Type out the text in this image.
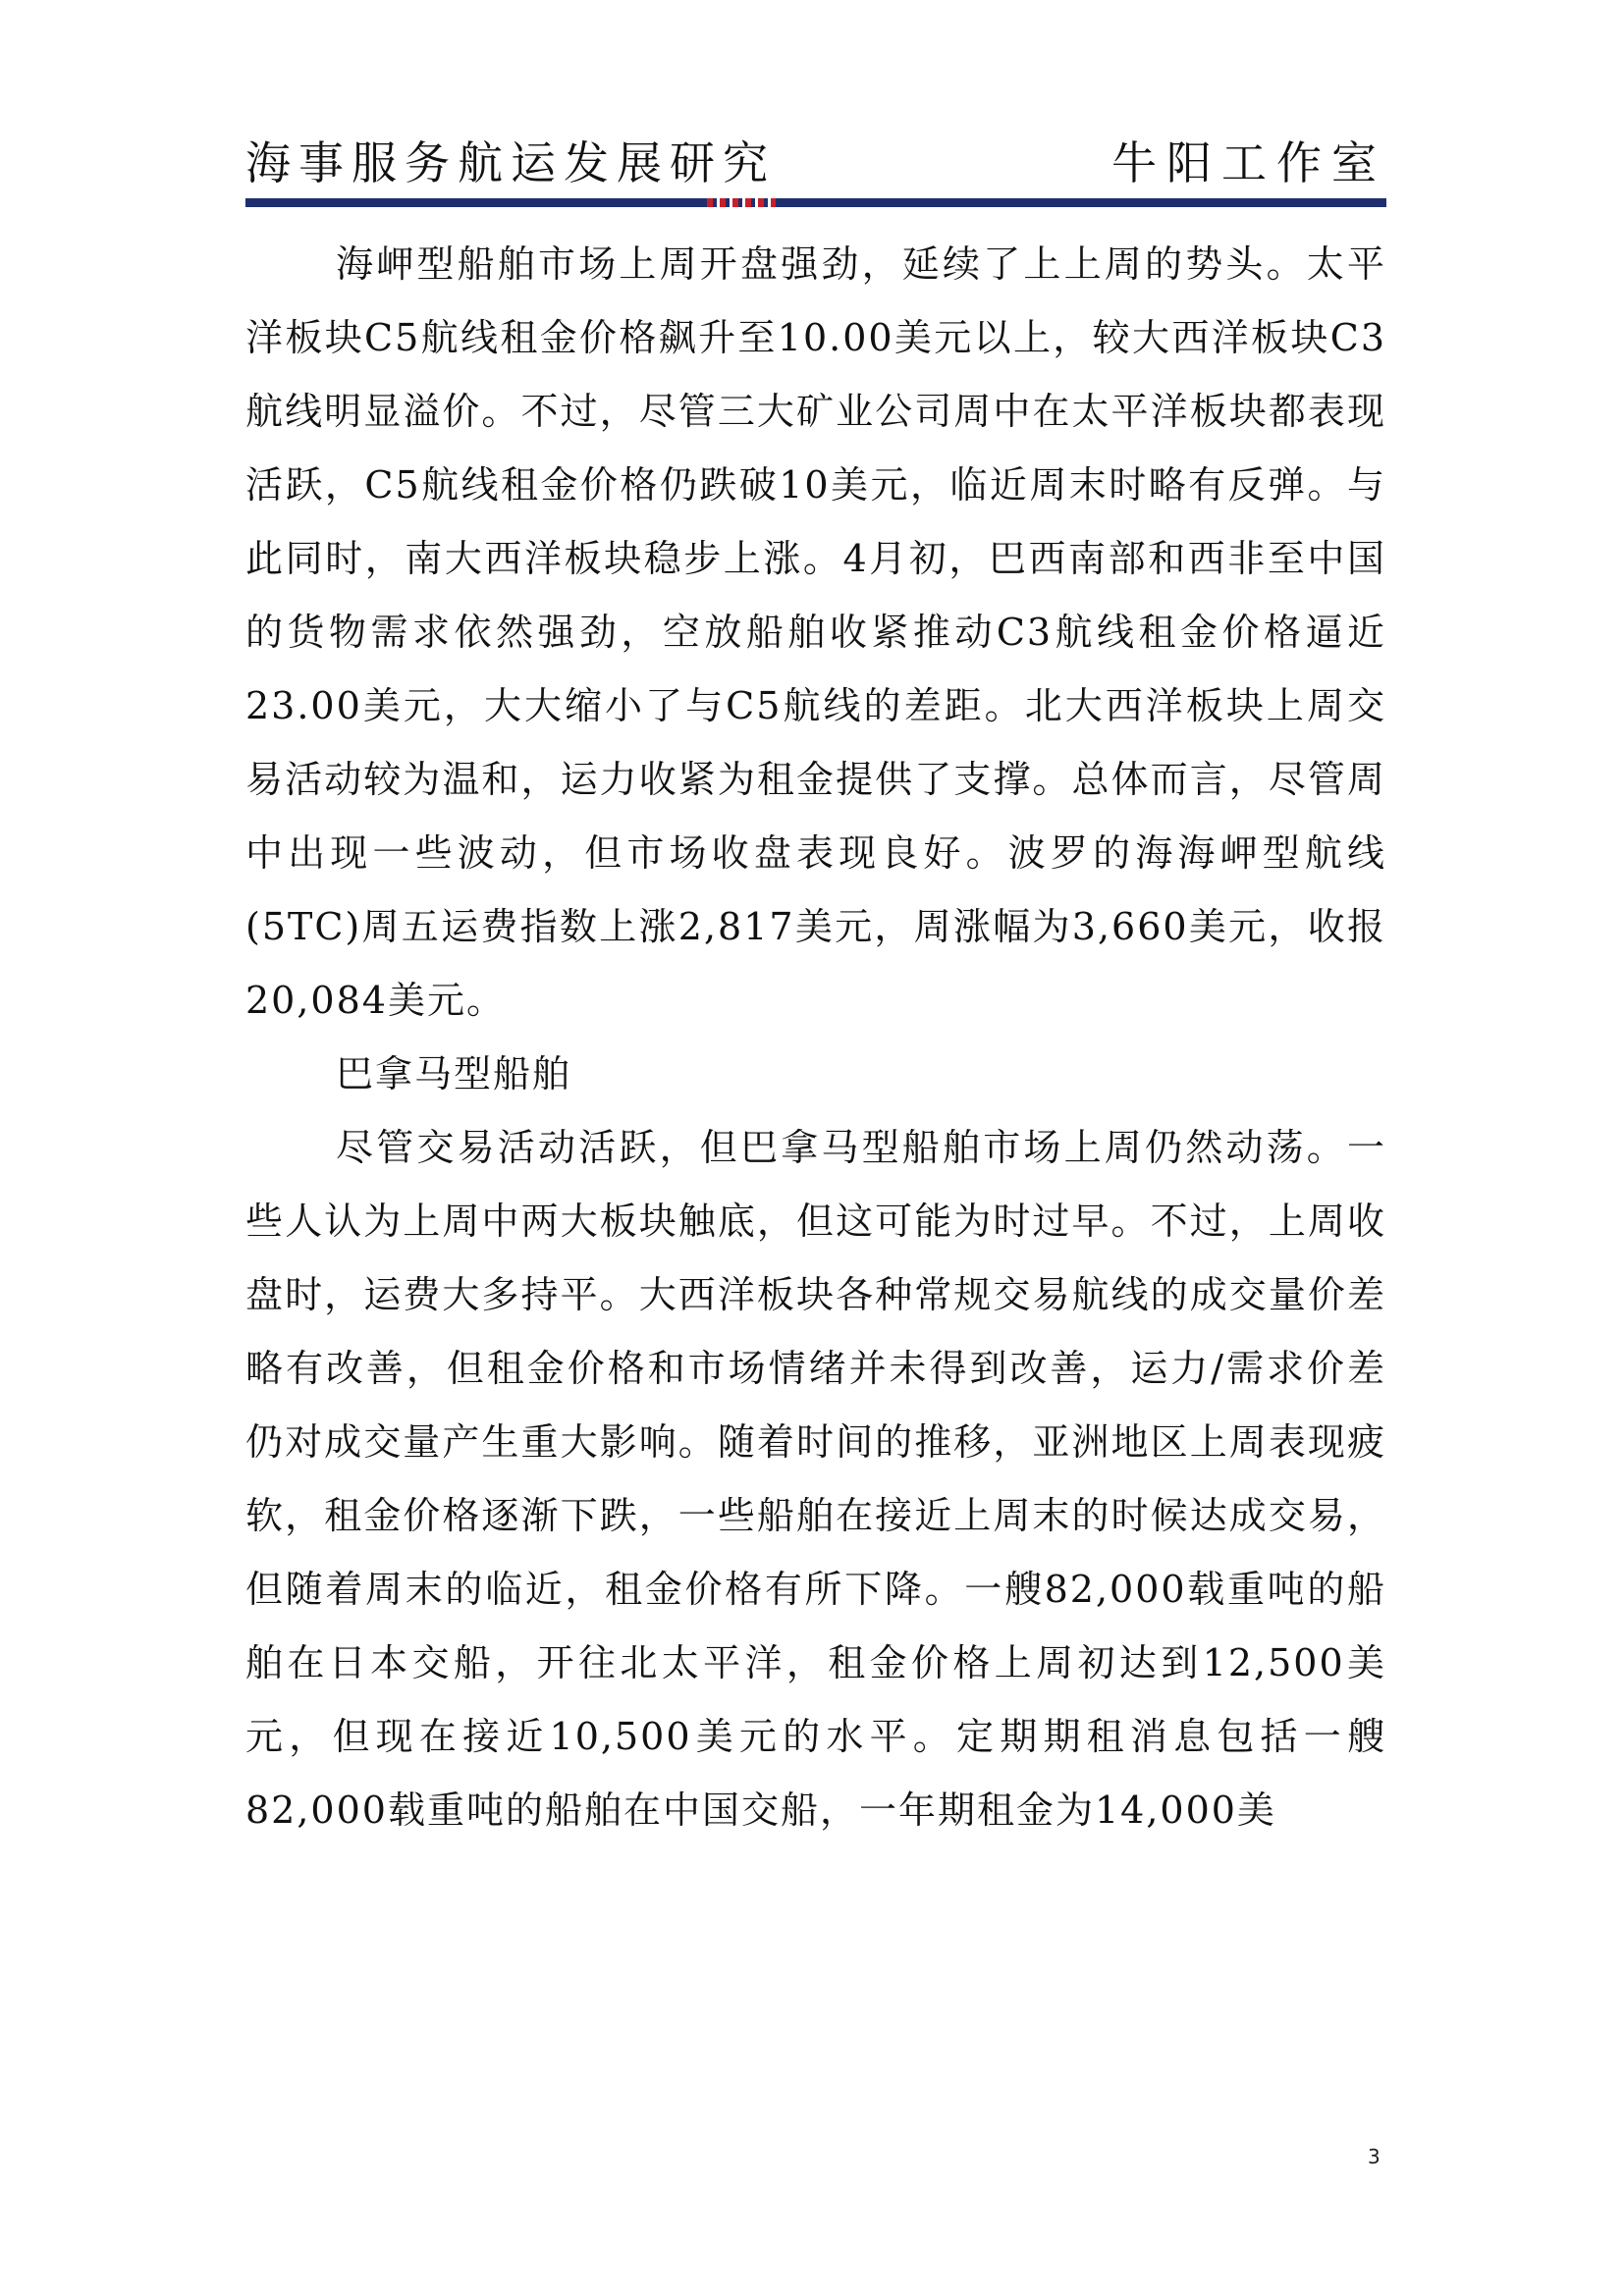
海事服务航运发展研究	牛阳工作室

海岬型船舶市场上周开盘强劲，延续了上上周的势头。太平洋板块C5航线租金价格飙升至10.00美元以上，较大西洋板块C3航线明显溢价。不过，尽管三大矿业公司周中在太平洋板块都表现活跃，C5航线租金价格仍跌破10美元，临近周末时略有反弹。与此同时，南大西洋板块稳步上涨。4月初，巴西南部和西非至中国的货物需求依然强劲，空放船舶收紧推动C3航线租金价格逼近23.00美元，大大缩小了与C5航线的差距。北大西洋板块上周交易活动较为温和，运力收紧为租金提供了支撑。总体而言，尽管周中出现一些波动，但市场收盘表现良好。波罗的海海岬型航线(5TC)周五运费指数上涨2,817美元，周涨幅为3,660美元，收报20,084美元。

巴拿马型船舶

尽管交易活动活跃，但巴拿马型船舶市场上周仍然动荡。一些人认为上周中两大板块触底，但这可能为时过早。不过，上周收盘时，运费大多持平。大西洋板块各种常规交易航线的成交量价差略有改善，但租金价格和市场情绪并未得到改善，运力/需求价差仍对成交量产生重大影响。随着时间的推移，亚洲地区上周表现疲软，租金价格逐渐下跌，一些船舶在接近上周末的时候达成交易，但随着周末的临近，租金价格有所下降。一艘82,000载重吨的船舶在日本交船，开往北太平洋，租金价格上周初达到12,500美元，但现在接近10,500美元的水平。定期期租消息包括一艘82,000载重吨的船舶在中国交船，一年期租金为14,000美

3
